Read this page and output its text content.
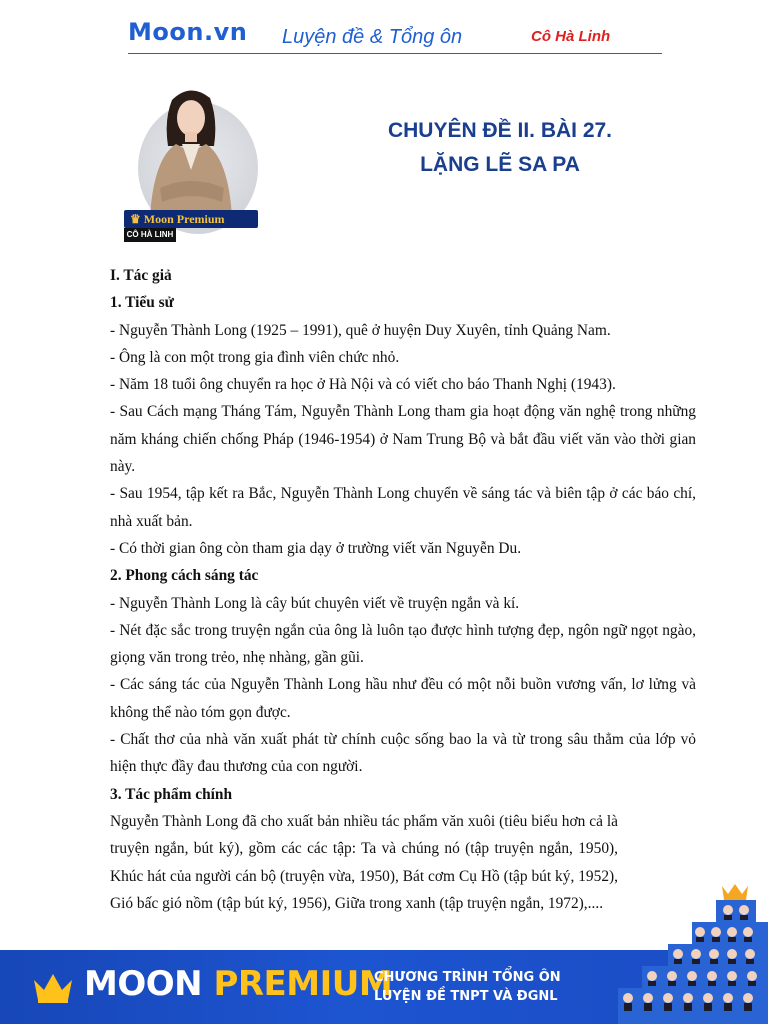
Moon.vn Luyện đề & Tổng ôn	Cô Hà Linh
♛ Moon Premium
CÔ HÀ LINH
CHUYÊN ĐỀ II. BÀI 27.
LẶNG LẼ SA PA

I. Tác giả

1. Tiểu sử

- Nguyễn Thành Long (1925 – 1991), quê ở huyện Duy Xuyên, tỉnh Quảng Nam.

- Ông là con một trong gia đình viên chức nhỏ.

- Năm 18 tuổi ông chuyển ra học ở Hà Nội và có viết cho báo Thanh Nghị (1943).

- Sau Cách mạng Tháng Tám, Nguyễn Thành Long tham gia hoạt động văn nghệ trong những năm kháng chiến chống Pháp (1946-1954) ở Nam Trung Bộ và bắt đầu viết văn vào thời gian này.

- Sau 1954, tập kết ra Bắc, Nguyễn Thành Long chuyển về sáng tác và biên tập ở các báo chí, nhà xuất bản.

- Có thời gian ông còn tham gia dạy ở trường viết văn Nguyễn Du.

2. Phong cách sáng tác

- Nguyễn Thành Long là cây bút chuyên viết về truyện ngắn và kí.

- Nét đặc sắc trong truyện ngắn của ông là luôn tạo được hình tượng đẹp, ngôn ngữ ngọt ngào, giọng văn trong trẻo, nhẹ nhàng, gần gũi.

- Các sáng tác của Nguyễn Thành Long hầu như đều có một nỗi buồn vương vấn, lơ lửng và không thể nào tóm gọn được.

- Chất thơ của nhà văn xuất phát từ chính cuộc sống bao la và từ trong sâu thẳm của lớp vỏ hiện thực đầy đau thương của con người.

3. Tác phẩm chính

Nguyễn Thành Long đã cho xuất bản nhiều tác phẩm văn xuôi (tiêu biểu hơn cả là truyện ngắn, bút ký), gồm các các tập: Ta và chúng nó (tập truyện ngắn, 1950), Khúc hát của người cán bộ (truyện vừa, 1950), Bát cơm Cụ Hồ (tập bút ký, 1952), Gió bấc gió nồm (tập bút ký, 1956), Giữa trong xanh (tập truyện ngắn, 1972),....

MOON PREMIUM
CHƯƠNG TRÌNH TỔNG ÔN
LUYỆN ĐỀ TNPT VÀ ĐGNL
